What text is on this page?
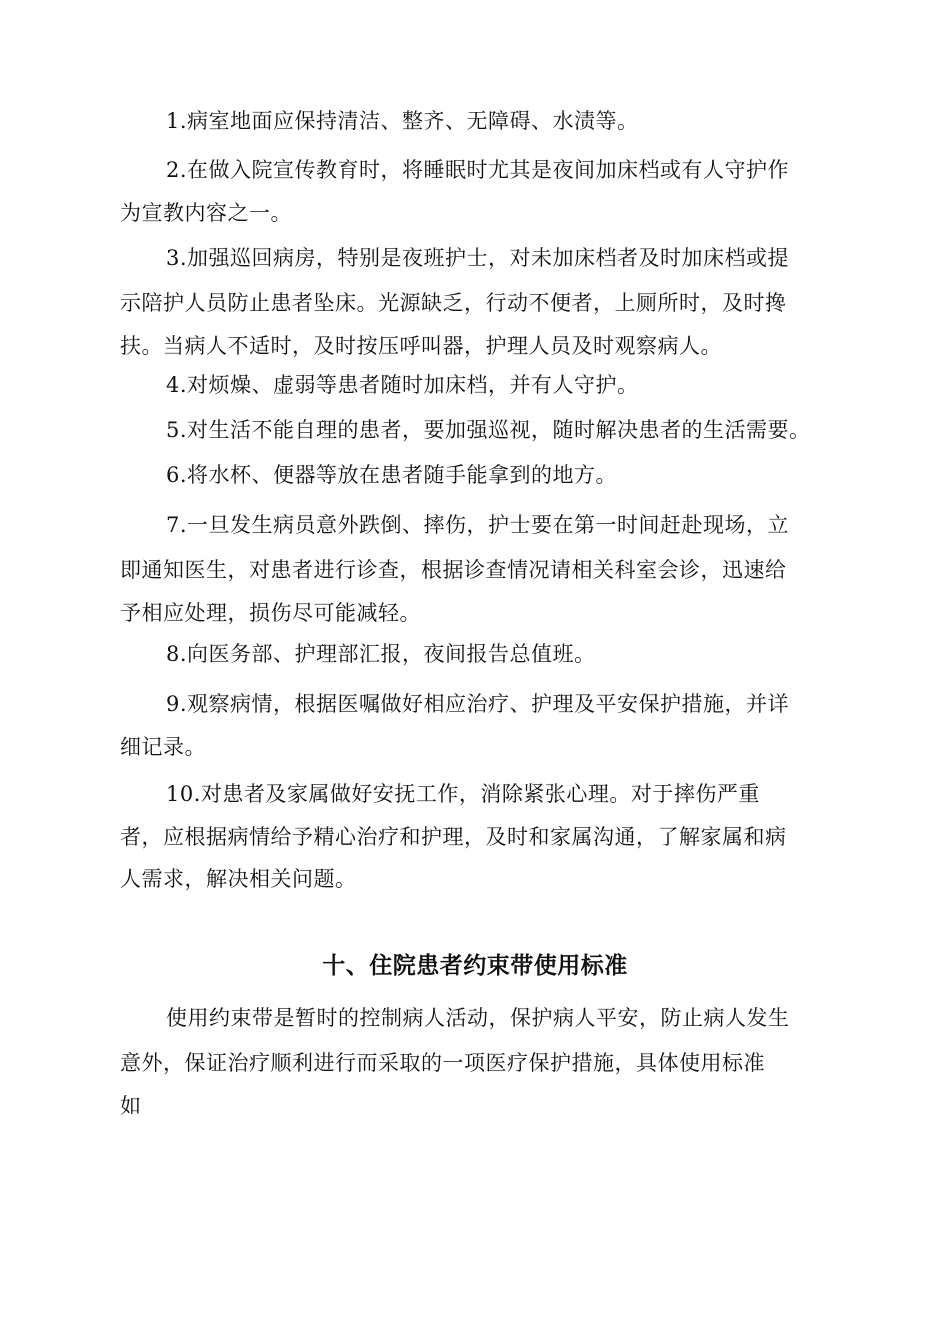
1.病室地面应保持清洁、整齐、无障碍、水渍等。
2.在做入院宣传教育时，将睡眠时尤其是夜间加床档或有人守护作
为宣教内容之一。
3.加强巡回病房，特别是夜班护士，对未加床档者及时加床档或提
示陪护人员防止患者坠床。光源缺乏，行动不便者，上厕所时，及时搀
扶。当病人不适时，及时按压呼叫器，护理人员及时观察病人。
4.对烦燥、虚弱等患者随时加床档，并有人守护。
5.对生活不能自理的患者，要加强巡视，随时解决患者的生活需要。
6.将水杯、便器等放在患者随手能拿到的地方。
7.一旦发生病员意外跌倒、摔伤，护士要在第一时间赶赴现场，立
即通知医生，对患者进行诊查，根据诊查情况请相关科室会诊，迅速给
予相应处理，损伤尽可能减轻。
8.向医务部、护理部汇报，夜间报告总值班。
9.观察病情，根据医嘱做好相应治疗、护理及平安保护措施，并详
细记录。
10.对患者及家属做好安抚工作，消除紧张心理。对于摔伤严重
者，应根据病情给予精心治疗和护理，及时和家属沟通，了解家属和病
人需求，解决相关问题。
十、住院患者约束带使用标准
使用约束带是暂时的控制病人活动，保护病人平安，防止病人发生
意外，保证治疗顺利进行而采取的一项医疗保护措施，具体使用标准
如
